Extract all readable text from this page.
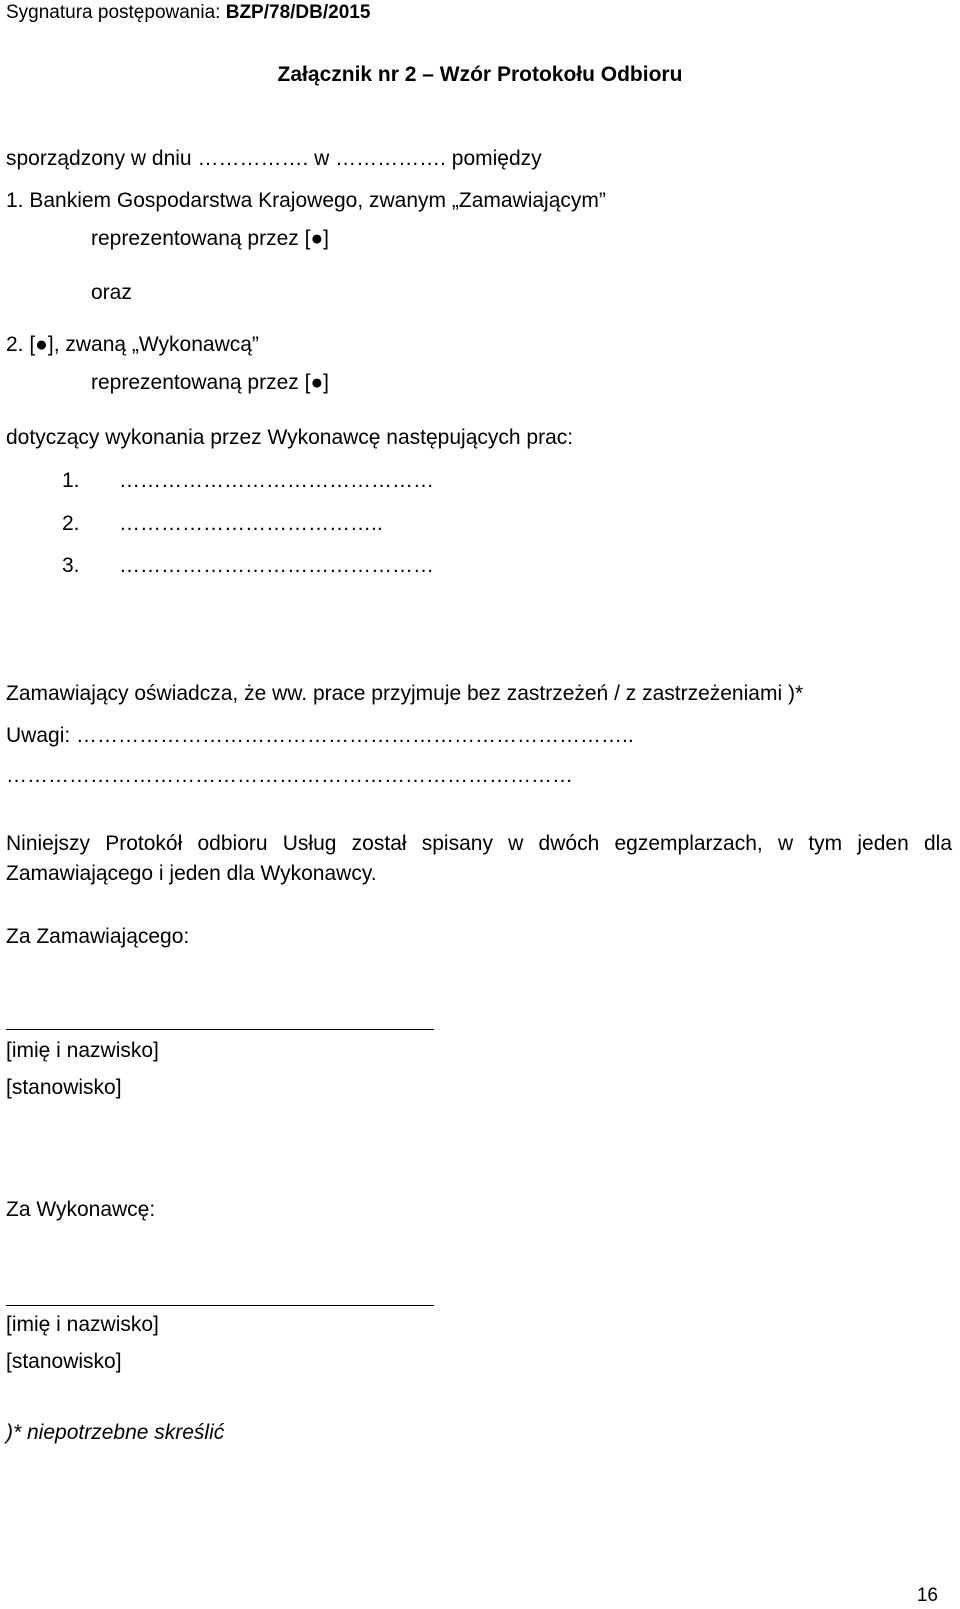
Sygnatura postępowania: BZP/78/DB/2015
Załącznik nr 2 – Wzór Protokołu Odbioru
sporządzony w dniu ……………. w ……………. pomiędzy
1. Bankiem Gospodarstwa Krajowego, zwanym „Zamawiającym”
reprezentowaną przez [●]
oraz
2. [●], zwaną „Wykonawcą”
reprezentowaną przez [●]
dotyczący wykonania przez Wykonawcę następujących prac:
1. ………………………………………
2. ………………………………..
3. ………………………………………
Zamawiający oświadcza, że ww. prace przyjmuje bez zastrzeżeń / z zastrzeżeniami )*
Uwagi: ……………………………………………………………………..
………………………………………………………………………
Niniejszy Protokół odbioru Usług został spisany w dwóch egzemplarzach, w tym jeden dla
Zamawiającego i jeden dla Wykonawcy.
Za Zamawiającego:
[imię i nazwisko]
[stanowisko]
Za Wykonawcę:
[imię i nazwisko]
[stanowisko]
)* niepotrzebne skreślić
16
